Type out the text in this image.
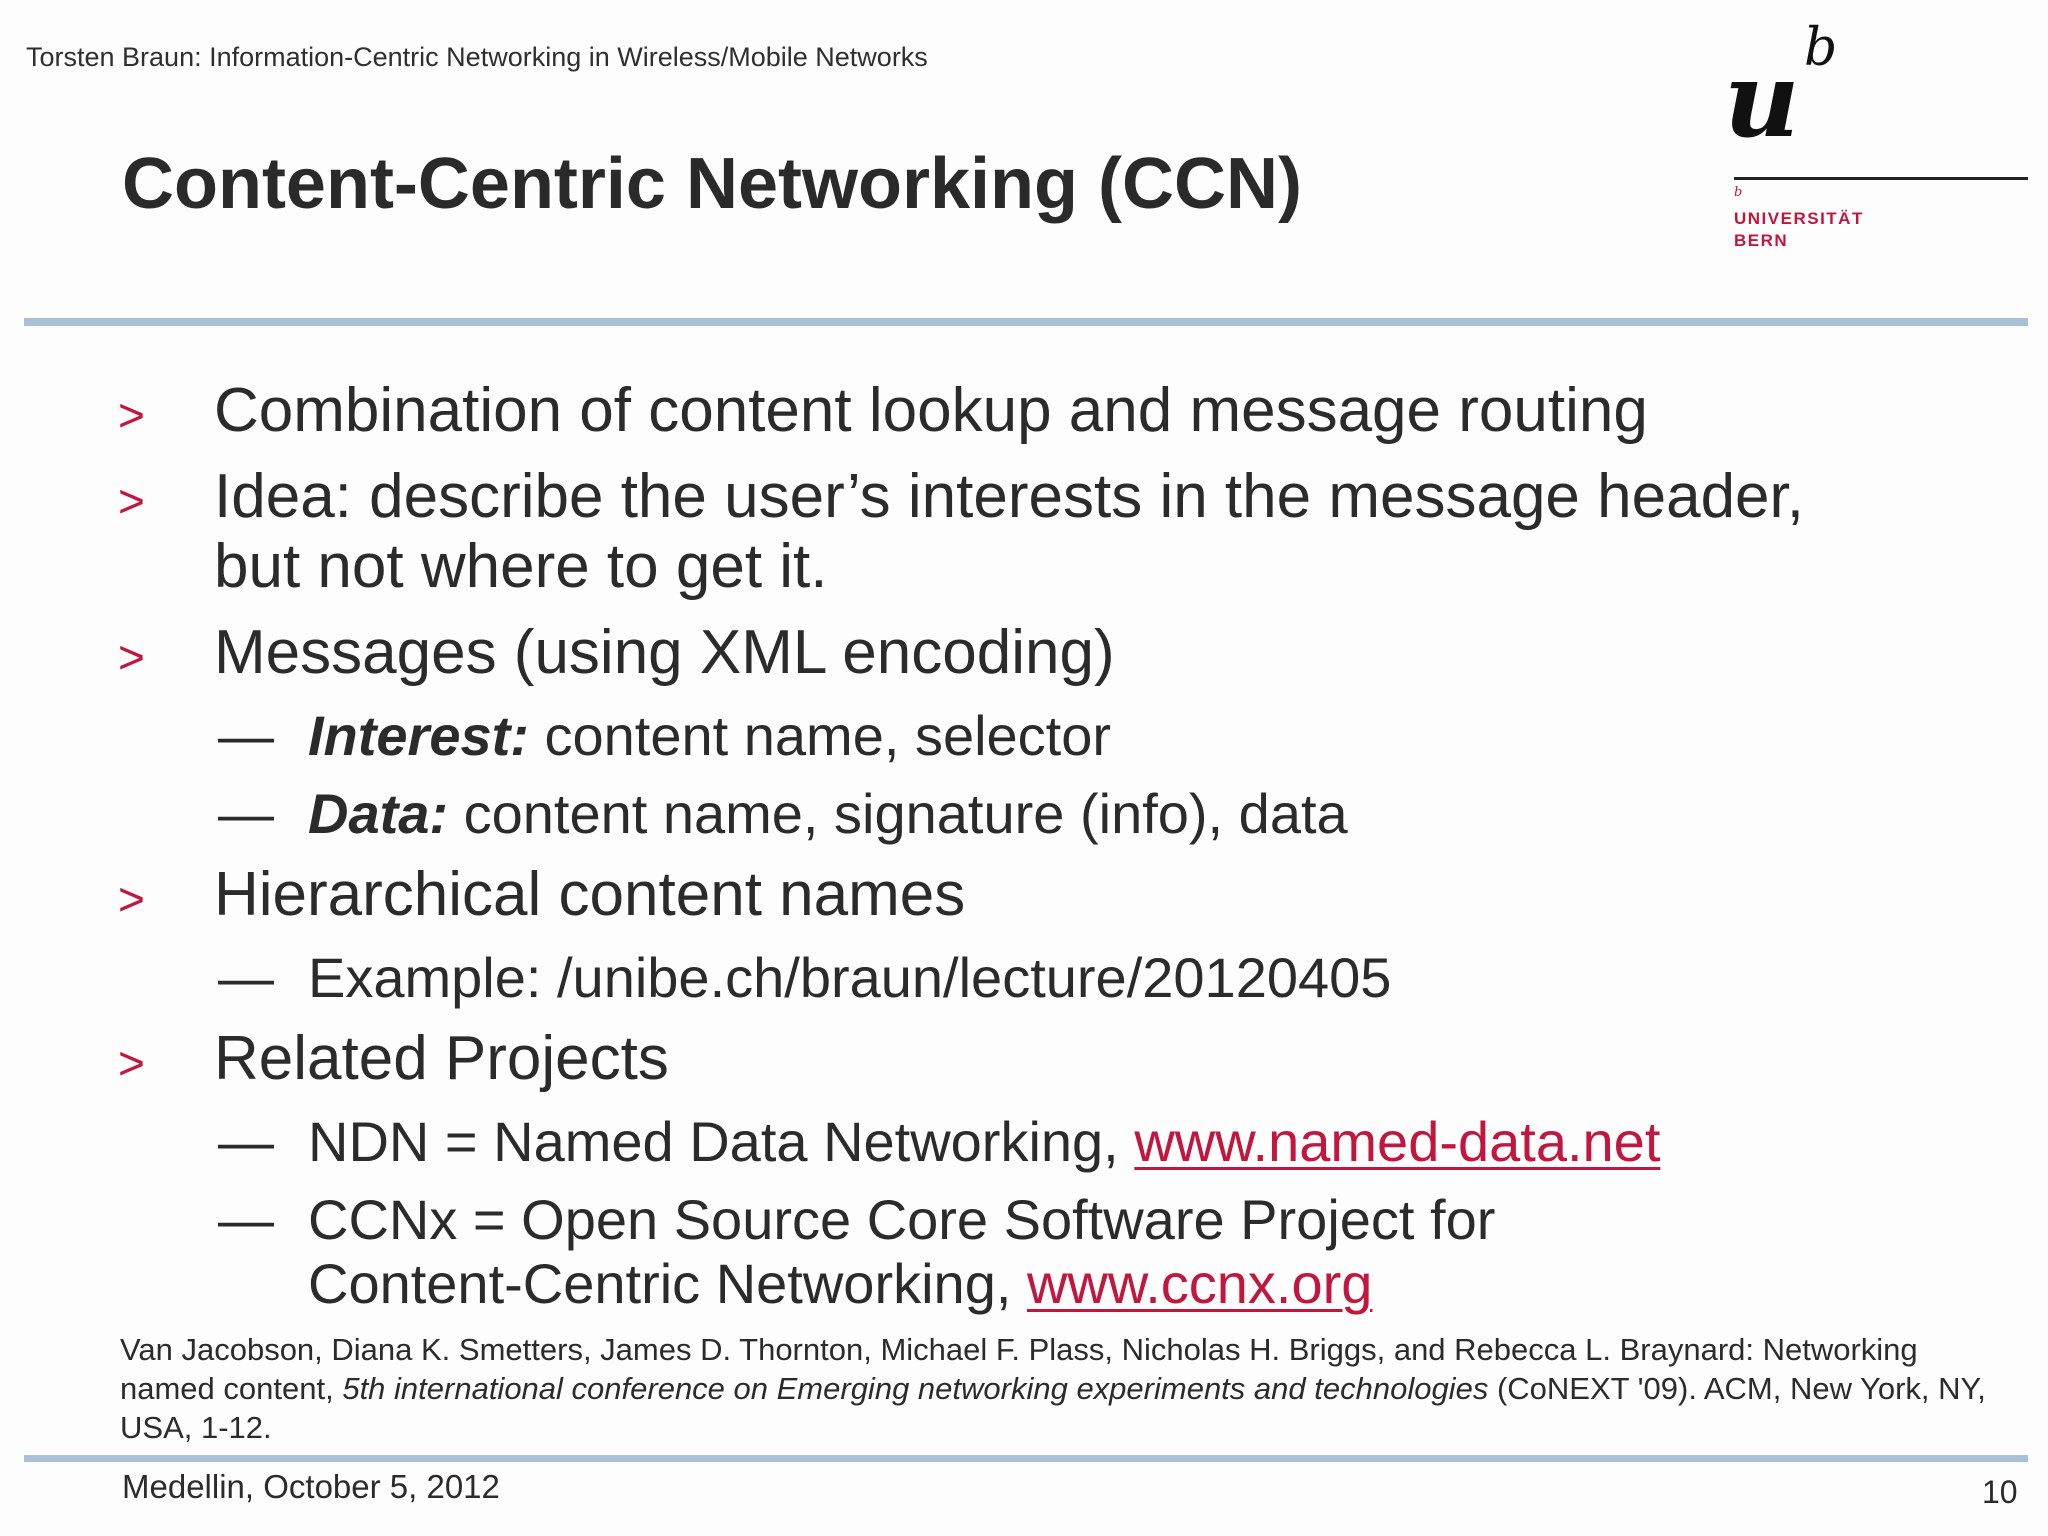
Torsten Braun: Information-Centric Networking in Wireless/Mobile Networks
Content-Centric Networking (CCN)
u b
b
UNIVERSITÄT
BERN
> Combination of content lookup and message routing
> Idea: describe the user’s interests in the message header,
but not where to get it.
> Messages (using XML encoding)
— Interest: content name, selector
— Data: content name, signature (info), data
> Hierarchical content names
— Example: /unibe.ch/braun/lecture/20120405
> Related Projects
— NDN = Named Data Networking, www.named-data.net
— CCNx = Open Source Core Software Project for
Content-Centric Networking, www.ccnx.org
Van Jacobson, Diana K. Smetters, James D. Thornton, Michael F. Plass, Nicholas H. Briggs, and Rebecca L. Braynard: Networking named content, 5th international conference on Emerging networking experiments and technologies (CoNEXT '09). ACM, New York, NY, USA, 1-12.
Medellin, October 5, 2012	10
